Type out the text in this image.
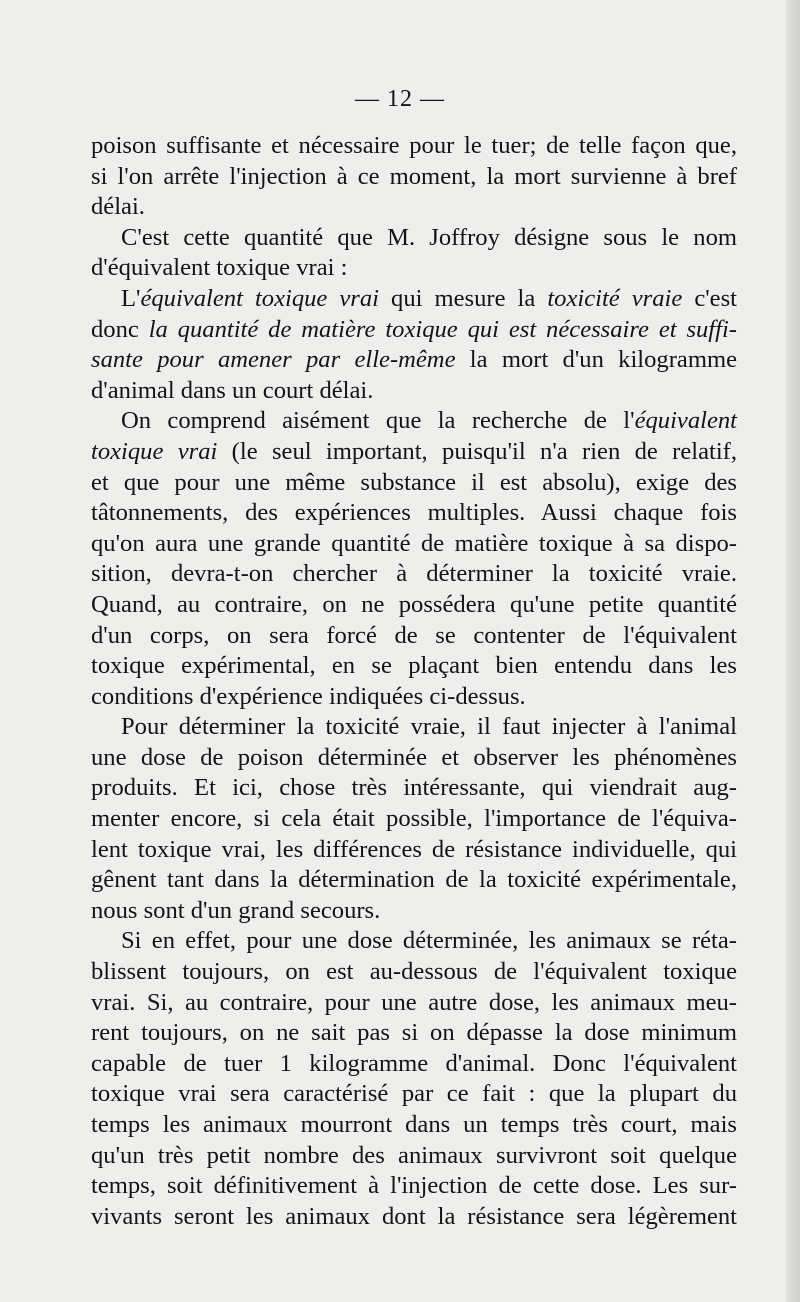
— 12 —

poison suffisante et nécessaire pour le tuer; de telle façon que,

si l'on arrête l'injection à ce moment, la mort survienne à bref

délai.

C'est cette quantité que M. Joffroy désigne sous le nom

d'équivalent toxique vrai :

L'équivalent toxique vrai qui mesure la toxicité vraie c'est

donc la quantité de matière toxique qui est nécessaire et suffi-

sante pour amener par elle-même la mort d'un kilogramme

d'animal dans un court délai.

On comprend aisément que la recherche de l'équivalent

toxique vrai (le seul important, puisqu'il n'a rien de relatif,

et que pour une même substance il est absolu), exige des

tâtonnements, des expériences multiples. Aussi chaque fois

qu'on aura une grande quantité de matière toxique à sa dispo-

sition, devra-t-on chercher à déterminer la toxicité vraie.

Quand, au contraire, on ne possédera qu'une petite quantité

d'un corps, on sera forcé de se contenter de l'équivalent

toxique expérimental, en se plaçant bien entendu dans les

conditions d'expérience indiquées ci-dessus.

Pour déterminer la toxicité vraie, il faut injecter à l'animal

une dose de poison déterminée et observer les phénomènes

produits. Et ici, chose très intéressante, qui viendrait aug-

menter encore, si cela était possible, l'importance de l'équiva-

lent toxique vrai, les différences de résistance individuelle, qui

gênent tant dans la détermination de la toxicité expérimentale,

nous sont d'un grand secours.

Si en effet, pour une dose déterminée, les animaux se réta-

blissent toujours, on est au-dessous de l'équivalent toxique

vrai. Si, au contraire, pour une autre dose, les animaux meu-

rent toujours, on ne sait pas si on dépasse la dose minimum

capable de tuer 1 kilogramme d'animal. Donc l'équivalent

toxique vrai sera caractérisé par ce fait : que la plupart du

temps les animaux mourront dans un temps très court, mais

qu'un très petit nombre des animaux survivront soit quelque

temps, soit définitivement à l'injection de cette dose. Les sur-

vivants seront les animaux dont la résistance sera légèrement
